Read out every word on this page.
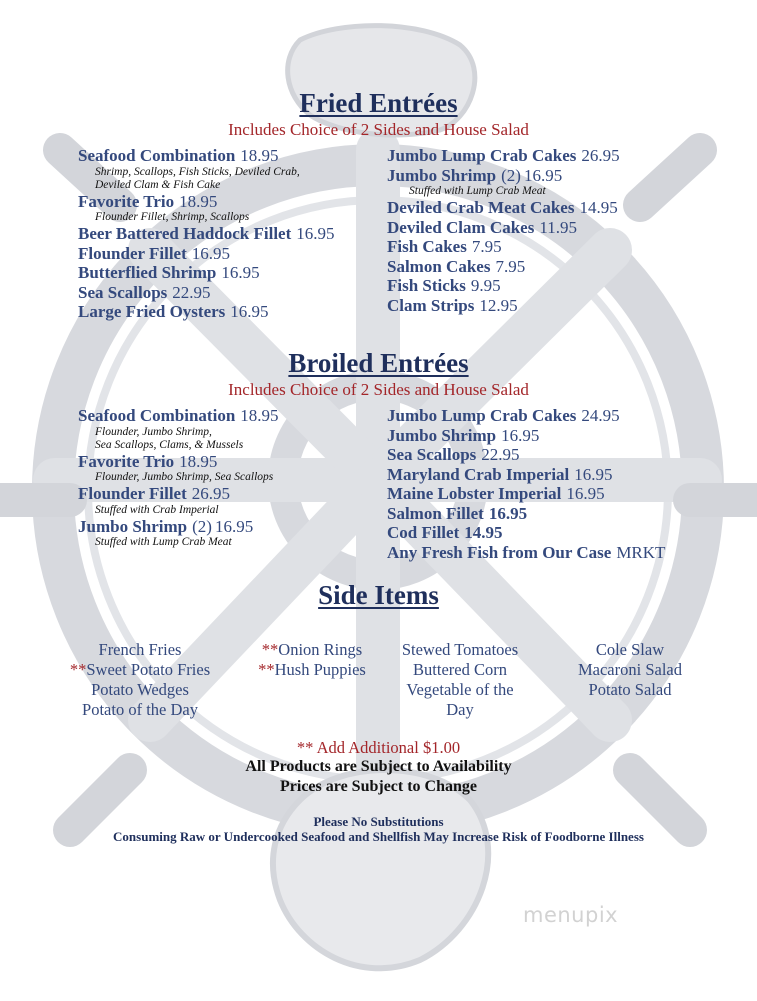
Fried Entrées

Includes Choice of 2 Sides and House Salad

Seafood Combination 18.95
Shrimp, Scallops, Fish Sticks, Deviled Crab,
Deviled Clam & Fish Cake
Favorite Trio 18.95
Flounder Fillet, Shrimp, Scallops
Beer Battered Haddock Fillet 16.95
Flounder Fillet 16.95
Butterflied Shrimp 16.95
Sea Scallops 22.95
Large Fried Oysters 16.95
Jumbo Lump Crab Cakes 26.95
Jumbo Shrimp (2) 16.95
Stuffed with Lump Crab Meat
Deviled Crab Meat Cakes 14.95
Deviled Clam Cakes 11.95
Fish Cakes 7.95
Salmon Cakes 7.95
Fish Sticks 9.95
Clam Strips 12.95
Broiled Entrées

Includes Choice of 2 Sides and House Salad

Seafood Combination 18.95
Flounder, Jumbo Shrimp,
Sea Scallops, Clams, & Mussels
Favorite Trio 18.95
Flounder, Jumbo Shrimp, Sea Scallops
Flounder Fillet 26.95
Stuffed with Crab Imperial
Jumbo Shrimp (2) 16.95
Stuffed with Lump Crab Meat
Jumbo Lump Crab Cakes 24.95
Jumbo Shrimp 16.95
Sea Scallops 22.95
Maryland Crab Imperial 16.95
Maine Lobster Imperial 16.95
Salmon Fillet 16.95
Cod Fillet 14.95
Any Fresh Fish from Our Case MRKT
Side Items
French Fries
**Sweet Potato Fries
Potato Wedges
Potato of the Day
**Onion Rings
**Hush Puppies
Stewed Tomatoes
Buttered Corn
Vegetable of the
Day
Cole Slaw
Macaroni Salad
Potato Salad

** Add Additional $1.00

All Products are Subject to Availability

Prices are Subject to Change

Please No Substitutions

Consuming Raw or Undercooked Seafood and Shellfish May Increase Risk of Foodborne Illness

menupix
